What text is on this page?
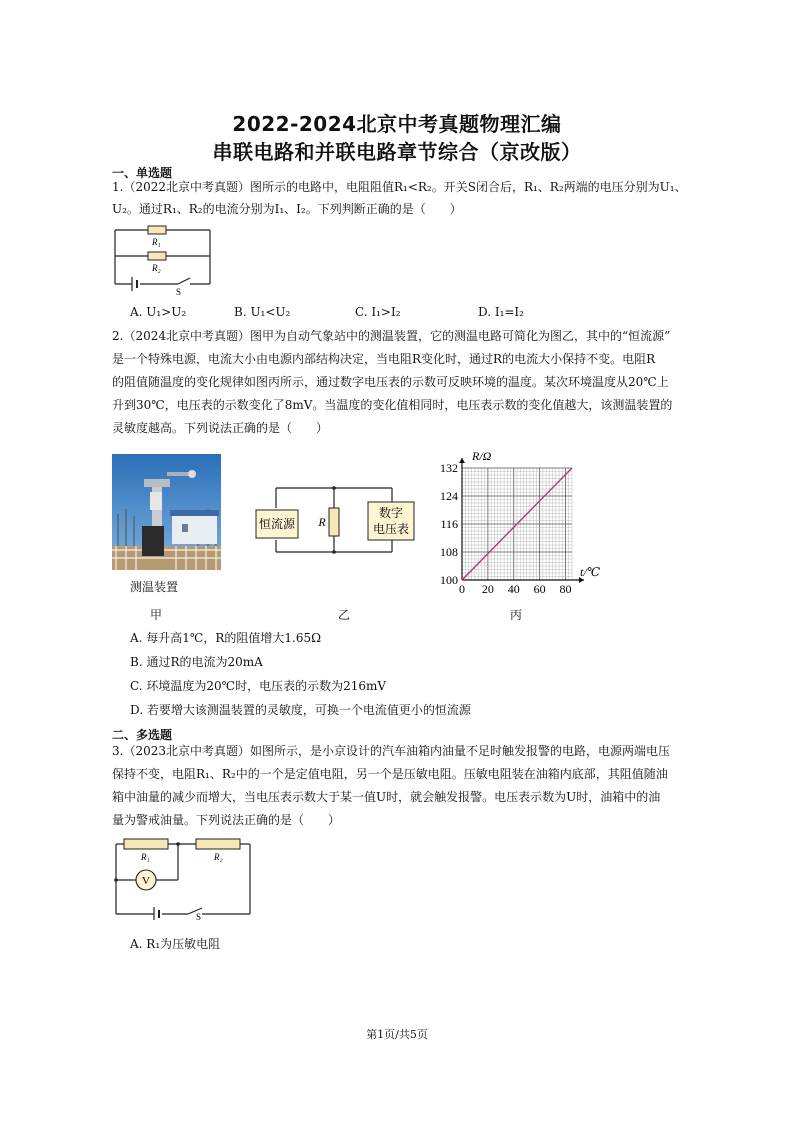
2022-2024北京中考真题物理汇编
串联电路和并联电路章节综合（京改版）
一、单选题
1.（2022北京中考真题）图所示的电路中，电阻阻值R₁<R₂。开关S闭合后，R₁、R₂两端的电压分别为U₁、
U₂。通过R₁、R₂的电流分别为I₁、I₂。下列判断正确的是（　　）
R₁
R₂
S
A. U₁>U₂	B. U₁<U₂	C. I₁>I₂	D. I₁=I₂
2.（2024北京中考真题）图甲为自动气象站中的测温装置，它的测温电路可简化为图乙，其中的“恒流源”
是一个特殊电源，电流大小由电源内部结构决定，当电阻R变化时，通过R的电流大小保持不变。电阻R
的阻值随温度的变化规律如图丙所示，通过数字电压表的示数可反映环境的温度。某次环境温度从20℃上
升到30℃，电压表的示数变化了8mV。当温度的变化值相同时，电压表示数的变化值越大，该测温装置的
灵敏度越高。下列说法正确的是（　　）
测温装置
恒流源 R
数字
电压表
0 20 40 60 80
100
108
116
124
132
t/℃
R/Ω
甲	乙	丙
A. 每升高1℃，R的阻值增大1.65Ω
B. 通过R的电流为20mA
C. 环境温度为20℃时，电压表的示数为216mV
D. 若要增大该测温装置的灵敏度，可换一个电流值更小的恒流源
二、多选题
3.（2023北京中考真题）如图所示，是小京设计的汽车油箱内油量不足时触发报警的电路，电源两端电压
保持不变，电阻R₁、R₂中的一个是定值电阻，另一个是压敏电阻。压敏电阻装在油箱内底部，其阻值随油
箱中油量的减少而增大，当电压表示数大于某一值U时，就会触发报警。电压表示数为U时，油箱中的油
量为警戒油量。下列说法正确的是（　　）
R₁	R₂
V
S
A. R₁为压敏电阻
第1页/共5页
